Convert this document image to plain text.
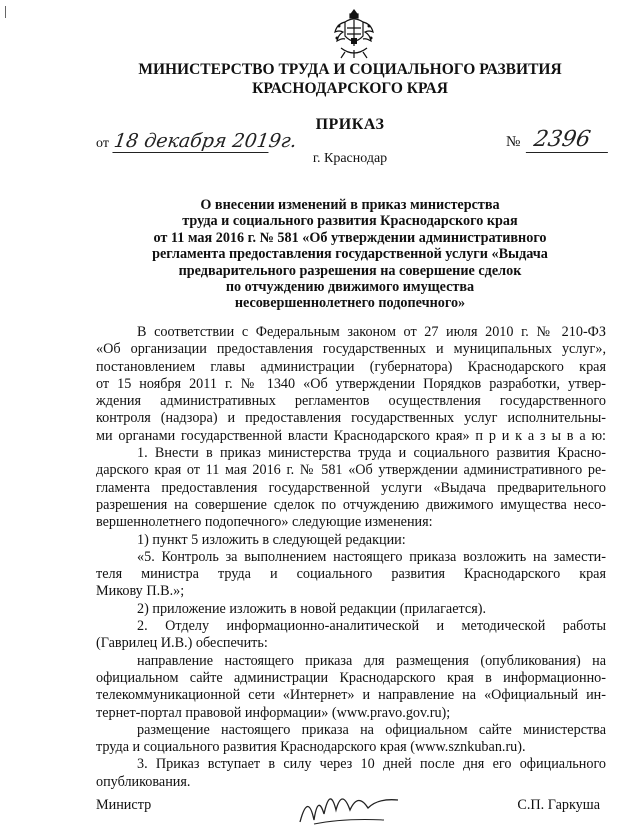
МИНИСТЕРСТВО ТРУДА И СОЦИАЛЬНОГО РАЗВИТИЯ
КРАСНОДАРСКОГО КРАЯ
ПРИКАЗ
от 18 декабря 2019г.	№ 2396
г. Краснодар
О внесении изменений в приказ министерства
труда и социального развития Краснодарского края
от 11 мая 2016 г. № 581 «Об утверждении административного
регламента предоставления государственной услуги «Выдача
предварительного разрешения на совершение сделок
по отчуждению движимого имущества
несовершеннолетнего подопечного»
В соответствии с Федеральным законом от 27 июля 2010 г. № 210-ФЗ
«Об организации предоставления государственных и муниципальных услуг»,
постановлением главы администрации (губернатора) Краснодарского края
от 15 ноября 2011 г. № 1340 «Об утверждении Порядков разработки, утвер-
ждения административных регламентов осуществления государственного
контроля (надзора) и предоставления государственных услуг исполнительны-
ми органами государственной власти Краснодарского края» п р и к а з ы в а ю:
1. Внести в приказ министерства труда и социального развития Красно-
дарского края от 11 мая 2016 г. № 581 «Об утверждении административного ре-
гламента предоставления государственной услуги «Выдача предварительного
разрешения на совершение сделок по отчуждению движимого имущества несо-
вершеннолетнего подопечного» следующие изменения:
1) пункт 5 изложить в следующей редакции:
«5. Контроль за выполнением настоящего приказа возложить на замести-
теля министра труда и социального развития Краснодарского края
Микову П.В.»;
2) приложение изложить в новой редакции (прилагается).
2. Отделу информационно-аналитической и методической работы
(Гаврилец И.В.) обеспечить:
направление настоящего приказа для размещения (опубликования) на
официальном сайте администрации Краснодарского края в информационно-
телекоммуникационной сети «Интернет» и направление на «Официальный ин-
тернет-портал правовой информации» (www.pravo.gov.ru);
размещение настоящего приказа на официальном сайте министерства
труда и социального развития Краснодарского края (www.sznkuban.ru).
3. Приказ вступает в силу через 10 дней после дня его официального
опубликования.
Министр	С.П. Гаркуша
